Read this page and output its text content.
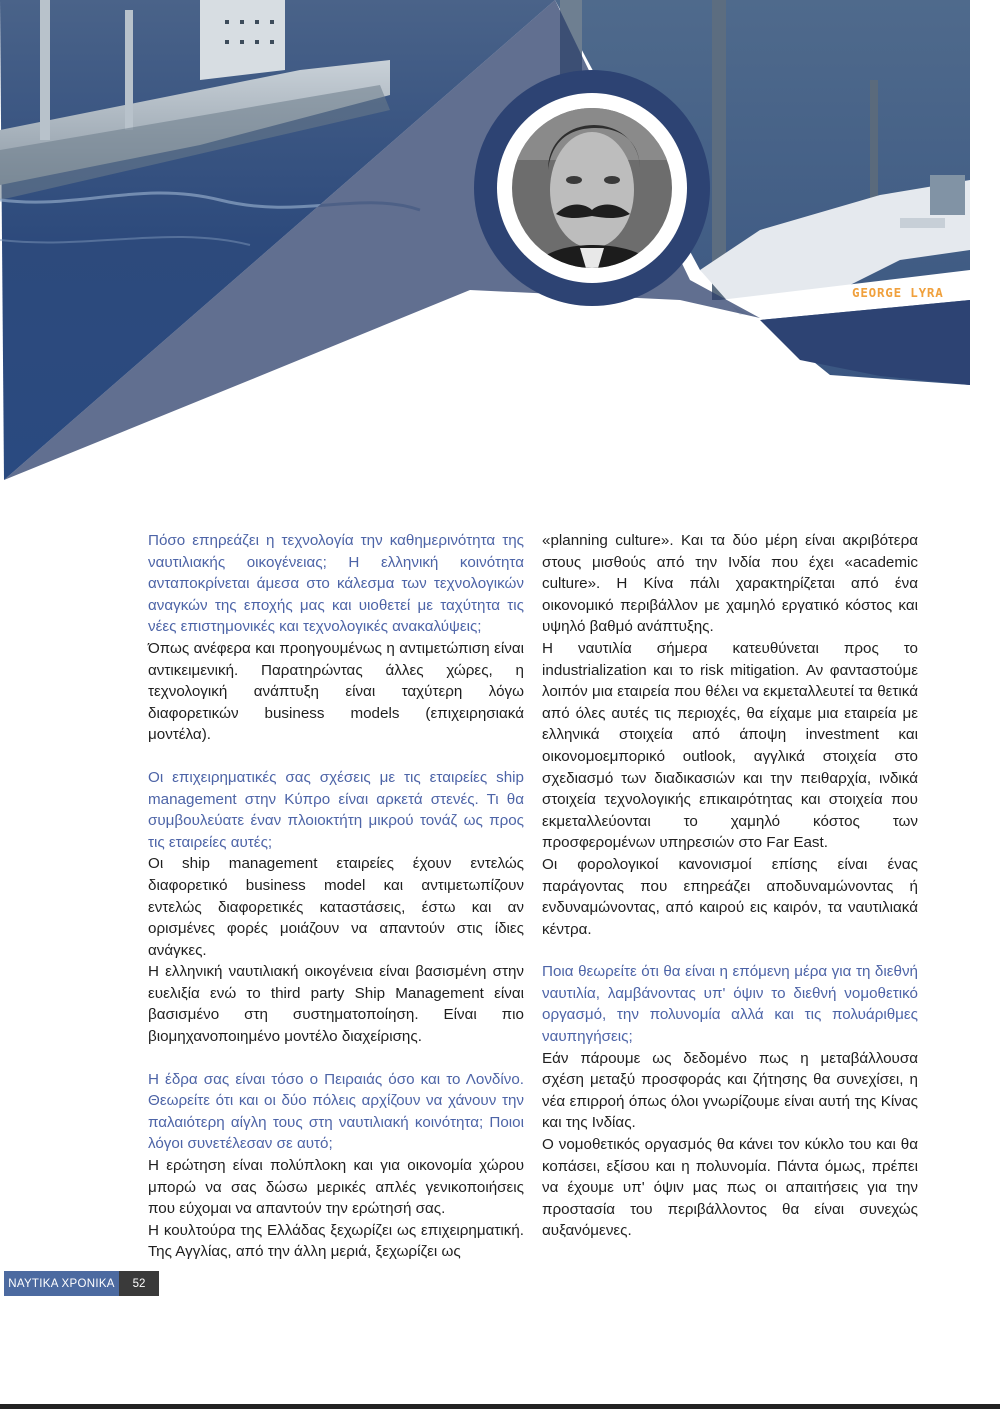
GEORGE LYRA

Πόσο επηρεάζει η τεχνολογία την καθημερινότητα της ναυτιλιακής οικογένειας; Η ελληνική κοινότητα ανταποκρίνεται άμεσα στο κάλεσμα των τεχνολογικών αναγκών της εποχής μας και υιοθετεί με ταχύτητα τις νέες επιστημονικές και τεχνολογικές ανακαλύψεις;

Όπως ανέφερα και προηγουμένως η αντιμετώπιση είναι αντικειμενική. Παρατηρώντας άλλες χώρες, η τεχνολογική ανάπτυξη είναι ταχύτερη λόγω διαφορετικών business models (επιχειρησιακά μοντέλα).

Οι επιχειρηματικές σας σχέσεις με τις εταιρείες ship management στην Κύπρο είναι αρκετά στενές. Τι θα συμβουλεύατε έναν πλοιοκτήτη μικρού τονάζ ως προς τις εταιρείες αυτές;

Οι ship management εταιρείες έχουν εντελώς διαφορετικό business model και αντιμετωπίζουν εντελώς διαφορετικές καταστάσεις, έστω και αν ορισμένες φορές μοιάζουν να απαντούν στις ίδιες ανάγκες.

Η ελληνική ναυτιλιακή οικογένεια είναι βασισμένη στην ευελιξία ενώ το third party Ship Management είναι βασισμένο στη συστηματοποίηση. Είναι πιο βιομηχανοποιημένο μοντέλο διαχείρισης.

Η έδρα σας είναι τόσο ο Πειραιάς όσο και το Λονδίνο. Θεωρείτε ότι και οι δύο πόλεις αρχίζουν να χάνουν την παλαιότερη αίγλη τους στη ναυτιλιακή κοινότητα; Ποιοι λόγοι συνετέλεσαν σε αυτό;

Η ερώτηση είναι πολύπλοκη και για οικονομία χώρου μπορώ να σας δώσω μερικές απλές γενικοποιήσεις που εύχομαι να απαντούν την ερώτησή σας.

Η κουλτούρα της Ελλάδας ξεχωρίζει ως επιχειρηματική. Της Αγγλίας, από την άλλη μεριά, ξεχωρίζει ως

«planning culture». Και τα δύο μέρη είναι ακριβότερα στους μισθούς από την Ινδία που έχει «academic culture». Η Κίνα πάλι χαρακτηρίζεται από ένα οικονομικό περιβάλλον με χαμηλό εργατικό κόστος και υψηλό βαθμό ανάπτυξης.

Η ναυτιλία σήμερα κατευθύνεται προς το industrialization και το risk mitigation. Αν φανταστούμε λοιπόν μια εταιρεία που θέλει να εκμεταλλευτεί τα θετικά από όλες αυτές τις περιοχές, θα είχαμε μια εταιρεία με ελληνικά στοιχεία από άποψη investment και οικονομοεμπορικό outlook, αγγλικά στοιχεία στο σχεδιασμό των διαδικασιών και την πειθαρχία, ινδικά στοιχεία τεχνολογικής επικαιρότητας και στοιχεία που εκμεταλλεύονται το χαμηλό κόστος των προσφερομένων υπηρεσιών στο Far East.

Οι φορολογικοί κανονισμοί επίσης είναι ένας παράγοντας που επηρεάζει αποδυναμώνοντας ή ενδυναμώνοντας, από καιρού εις καιρόν, τα ναυτιλιακά κέντρα.

Ποια θεωρείτε ότι θα είναι η επόμενη μέρα για τη διεθνή ναυτιλία, λαμβάνοντας υπ' όψιν το διεθνή νομοθετικό οργασμό, την πολυνομία αλλά και τις πολυάριθμες ναυπηγήσεις;

Εάν πάρουμε ως δεδομένο πως η μεταβάλλουσα σχέση μεταξύ προσφοράς και ζήτησης θα συνεχίσει, η νέα επιρροή όπως όλοι γνωρίζουμε είναι αυτή της Κίνας και της Ινδίας.

Ο νομοθετικός οργασμός θα κάνει τον κύκλο του και θα κοπάσει, εξίσου και η πολυνομία. Πάντα όμως, πρέπει να έχουμε υπ' όψιν μας πως οι απαιτήσεις για την προστασία του περιβάλλοντος θα είναι συνεχώς αυξανόμενες.

ΝΑΥΤΙΚΑ ΧΡΟΝΙΚΑ	52
